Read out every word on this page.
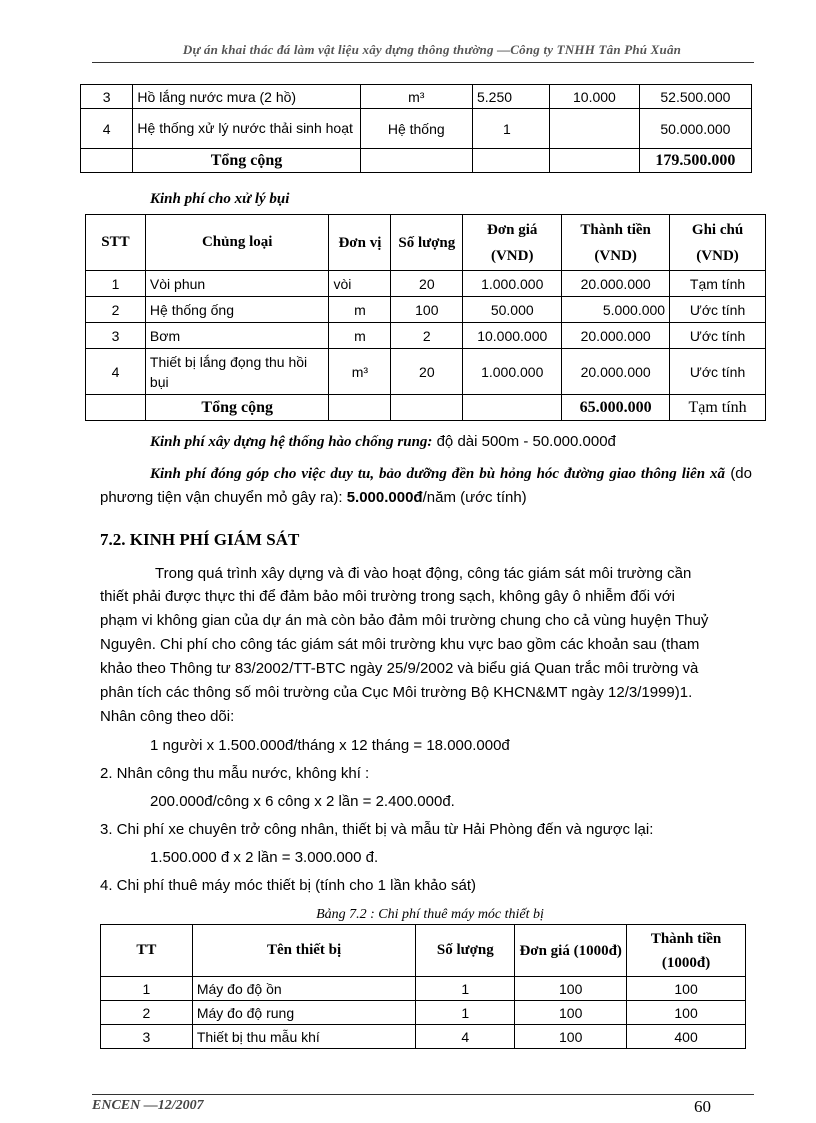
Dự án khai thác đá làm vật liệu xây dựng thông thường —Công ty TNHH Tân Phú Xuân
3	Hồ lắng nước mưa (2 hồ)	m³	5.250	10.000	52.500.000
4	Hệ thống xử lý nước thải sinh hoạt	Hệ thống	1		50.000.000
	Tổng cộng				179.500.000
Kinh phí cho xử lý bụi
STT	Chủng loại	Đơn vị	Số lượng	Đơn giá (VND)	Thành tiền (VND)	Ghi chú (VND)
1	Vòi phun	vòi	20	1.000.000	20.000.000	Tạm tính
2	Hệ thống ống	m	100	50.000	5.000.000	Ước tính
3	Bơm	m	2	10.000.000	20.000.000	Ước tính
4	Thiết bị lắng đọng thu hồi bụi	m³	20	1.000.000	20.000.000	Ước tính
	Tổng cộng				65.000.000	Tạm tính
Kinh phí xây dựng hệ thống hào chống rung: độ dài 500m - 50.000.000đ
Kinh phí đóng góp cho việc duy tu, bảo dưỡng đền bù hỏng hóc đường giao thông liên xã (do phương tiện vận chuyển mỏ gây ra): 5.000.000đ/năm (ước tính)
7.2. KINH PHÍ GIÁM SÁT
Trong quá trình xây dựng và đi vào hoạt động, công tác giám sát môi trường cần
thiết phải được thực thi để đảm bảo môi trường trong sạch, không gây ô nhiễm đối với
phạm vi không gian của dự án mà còn bảo đảm môi trường chung cho cả vùng huyện Thuỷ
Nguyên. Chi phí cho công tác giám sát môi trường khu vực bao gồm các khoản sau (tham
khảo theo Thông tư 83/2002/TT-BTC ngày 25/9/2002 và biểu giá Quan trắc môi trường và
phân tích các thông số môi trường của Cục Môi trường Bộ KHCN&MT ngày 12/3/1999)1.
Nhân công theo dõi:
1 người x 1.500.000đ/tháng x 12 tháng = 18.000.000đ
2. Nhân công thu mẫu nước, không khí :
200.000đ/công x 6 công x 2 lần = 2.400.000đ.
3. Chi phí xe chuyên trở công nhân, thiết bị và mẫu từ Hải Phòng đến và ngược lại:
1.500.000 đ x 2 lần = 3.000.000 đ.
4. Chi phí thuê máy móc thiết bị (tính cho 1 lần khảo sát)
Bảng 7.2 : Chi phí thuê máy móc thiết bị
TT	Tên thiết bị	Số lượng	Đơn giá (1000đ)	Thành tiền (1000đ)
1	Máy đo độ ồn	1	100	100
2	Máy đo độ rung	1	100	100
3	Thiết bị thu mẫu khí	4	100	400
ENCEN —12/2007	60
